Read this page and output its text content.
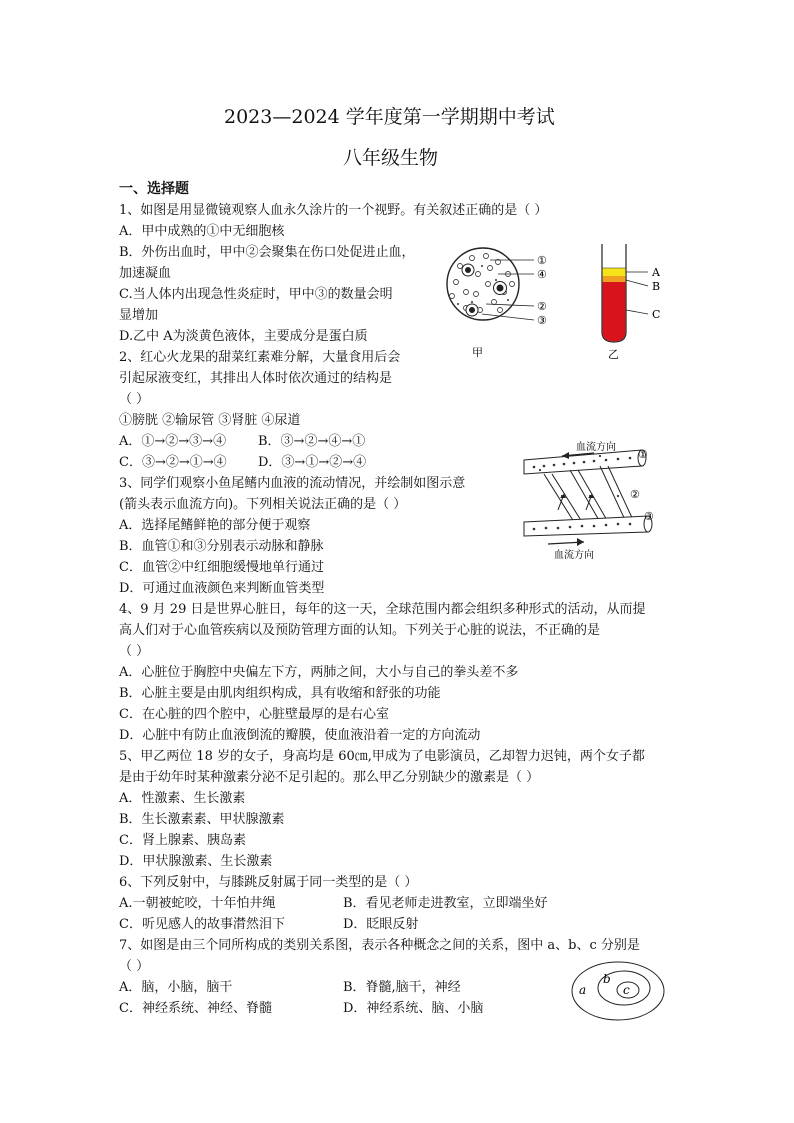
2023—2024 学年度第一学期期中考试
八年级生物
一、选择题
1、如图是用显微镜观察人血永久涂片的一个视野。有关叙述正确的是（ ）
A．甲中成熟的①中无细胞核
B．外伤出血时，甲中②会聚集在伤口处促进止血，
加速凝血
C.当人体内出现急性炎症时，甲中③的数量会明
显增加
D.乙中 A为淡黄色液体，主要成分是蛋白质
①
④
②
③
甲
A
B
C
乙
2、红心火龙果的甜菜红素难分解，大量食用后会
引起尿液变红，其排出人体时依次通过的结构是
（ ）
①膀胱 ②输尿管 ③肾脏 ④尿道
A．①→②→③→④ B．③→②→④→①
C．③→②→①→④ D．③→①→②→④
血流方向
①
②
③
血流方向
3、同学们观察小鱼尾鳍内血液的流动情况，并绘制如图示意
(箭头表示血流方向)。下列相关说法正确的是（ ）
A．选择尾鳍鲜艳的部分便于观察
B．血管①和③分别表示动脉和静脉
C．血管②中红细胞缓慢地单行通过
D．可通过血液颜色来判断血管类型
4、9 月 29 日是世界心脏日，每年的这一天，全球范围内都会组织多种形式的活动，从而提
高人们对于心血管疾病以及预防管理方面的认知。下列关于心脏的说法，不正确的是
（ ）
A．心脏位于胸腔中央偏左下方，两肺之间，大小与自己的拳头差不多
B．心脏主要是由肌肉组织构成，具有收缩和舒张的功能
C．在心脏的四个腔中，心脏壁最厚的是右心室
D．心脏中有防止血液倒流的瓣膜，使血液沿着一定的方向流动
5、甲乙两位 18 岁的女子，身高均是 60㎝,甲成为了电影演员，乙却智力迟钝，两个女子都
是由于幼年时某种激素分泌不足引起的。那么甲乙分别缺少的激素是（ ）
A．性激素、生长激素
B．生长激素素、甲状腺激素
C．肾上腺素、胰岛素
D．甲状腺激素、生长激素
6、下列反射中，与膝跳反射属于同一类型的是（ ）
A.一朝被蛇咬，十年怕井绳	B．看见老师走进教室，立即端坐好
C．听见感人的故事潸然泪下	D．眨眼反射
7、如图是由三个同所构成的类别关系图，表示各种概念之间的关系，图中 a、b、c 分别是
（ ）
A．脑，小脑，脑干	B．脊髓,脑干，神经
C．神经系统、神经、脊髓	D．神经系统、脑、小脑
a
b
c
